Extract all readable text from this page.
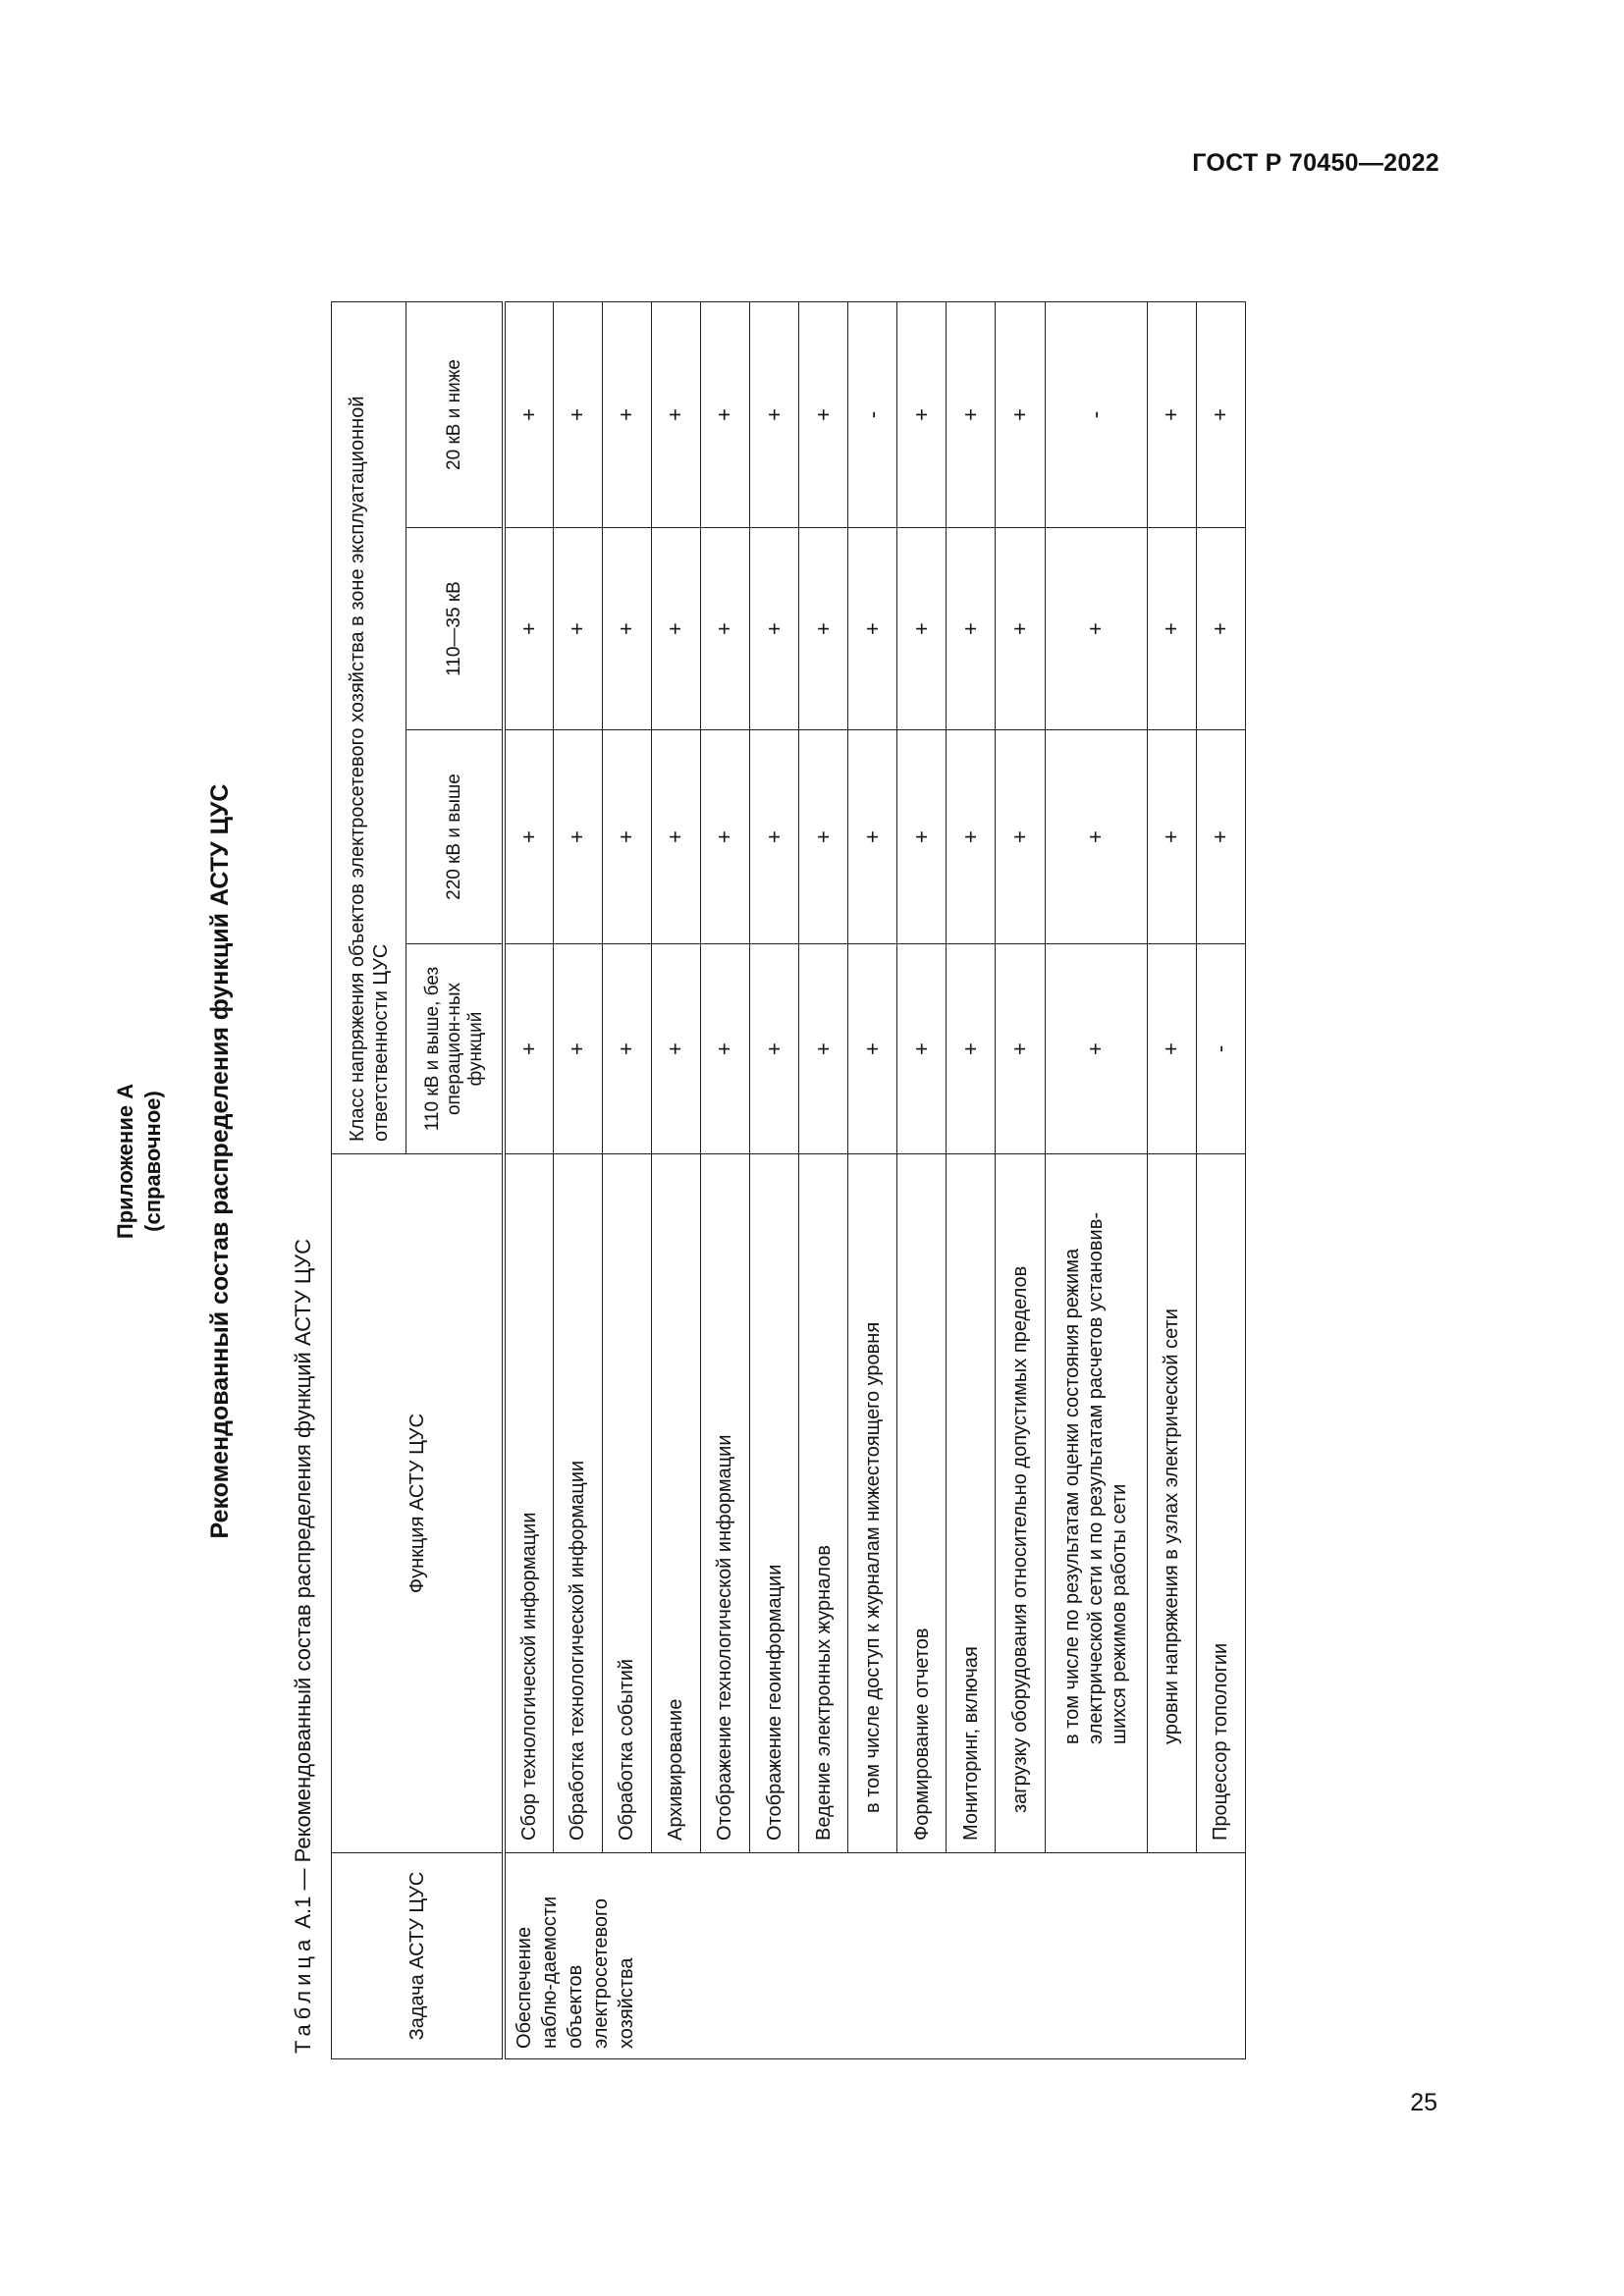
ГОСТ Р 70450—2022
Приложение А (справочное) Рекомендованный состав распределения функций АСТУ ЦУС
Таблица А.1 — Рекомендованный состав распределения функций АСТУ ЦУС
Задача АСТУ ЦУС	Функция АСТУ ЦУС	Класс напряжения объектов электросетевого хозяйства в зоне эксплуатационной ответственности ЦУС			
		110 кВ и выше, без операцион-ных функций	220 кВ и выше	110—35 кВ	20 кВ и ниже
Обеспечение наблю-даемости объектов электросетевого хозяйства	Сбор технологической информации	+	+	+	+
	Обработка технологической информации	+	+	+	+
	Обработка событий	+	+	+	+
	Архивирование	+	+	+	+
	Отображение технологической информации	+	+	+	+
	Отображение геоинформации	+	+	+	+
	Ведение электронных журналов	+	+	+	+
	в том числе доступ к журналам нижестоящего уровня	+	+	+	-
	Формирование отчетов	+	+	+	+
	Мониторинг, включая	+	+	+	+
	загрузку оборудования относительно допустимых пределов	+	+	+	+
	в том числе по результатам оценки состояния режима электрической сети и по результатам расчетов установив-шихся режимов работы сети	+	+	+	-
	уровни напряжения в узлах электрической сети	+	+	+	+
	Процессор топологии	-	+	+	+
25
